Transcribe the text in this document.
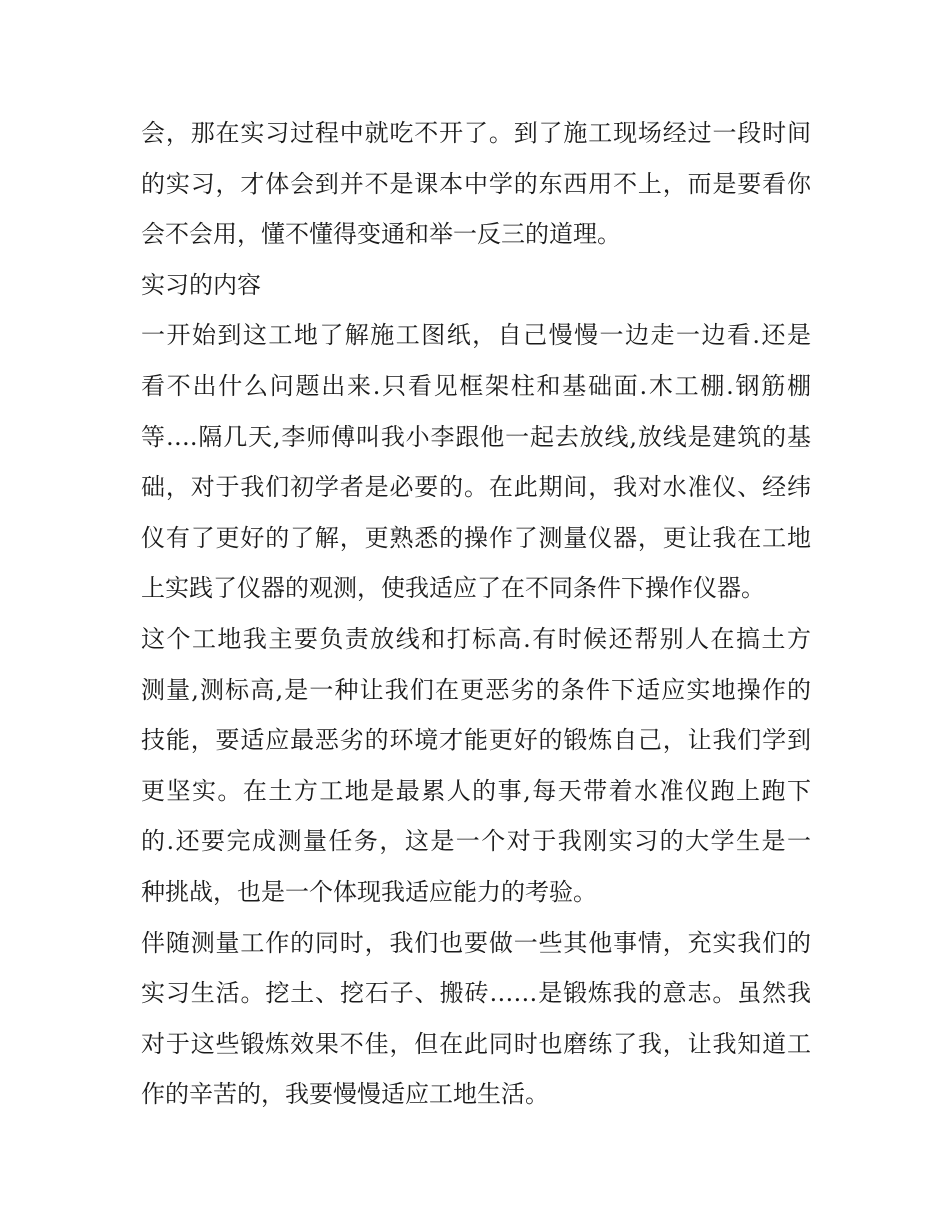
会，那在实习过程中就吃不开了。到了施工现场经过一段时间
的实习，才体会到并不是课本中学的东西用不上，而是要看你
会不会用，懂不懂得变通和举一反三的道理。
实习的内容
一开始到这工地了解施工图纸，自己慢慢一边走一边看.还是
看不出什么问题出来.只看见框架柱和基础面.木工棚.钢筋棚
等….隔几天,李师傅叫我小李跟他一起去放线,放线是建筑的基
础，对于我们初学者是必要的。在此期间，我对水准仪、经纬
仪有了更好的了解，更熟悉的操作了测量仪器，更让我在工地
上实践了仪器的观测，使我适应了在不同条件下操作仪器。
这个工地我主要负责放线和打标高.有时候还帮别人在搞土方
测量,测标高,是一种让我们在更恶劣的条件下适应实地操作的
技能，要适应最恶劣的环境才能更好的锻炼自己，让我们学到
更坚实。在土方工地是最累人的事,每天带着水准仪跑上跑下
的.还要完成测量任务，这是一个对于我刚实习的大学生是一
种挑战，也是一个体现我适应能力的考验。
伴随测量工作的同时，我们也要做一些其他事情，充实我们的
实习生活。挖土、挖石子、搬砖……是锻炼我的意志。虽然我
对于这些锻炼效果不佳，但在此同时也磨练了我，让我知道工
作的辛苦的，我要慢慢适应工地生活。
